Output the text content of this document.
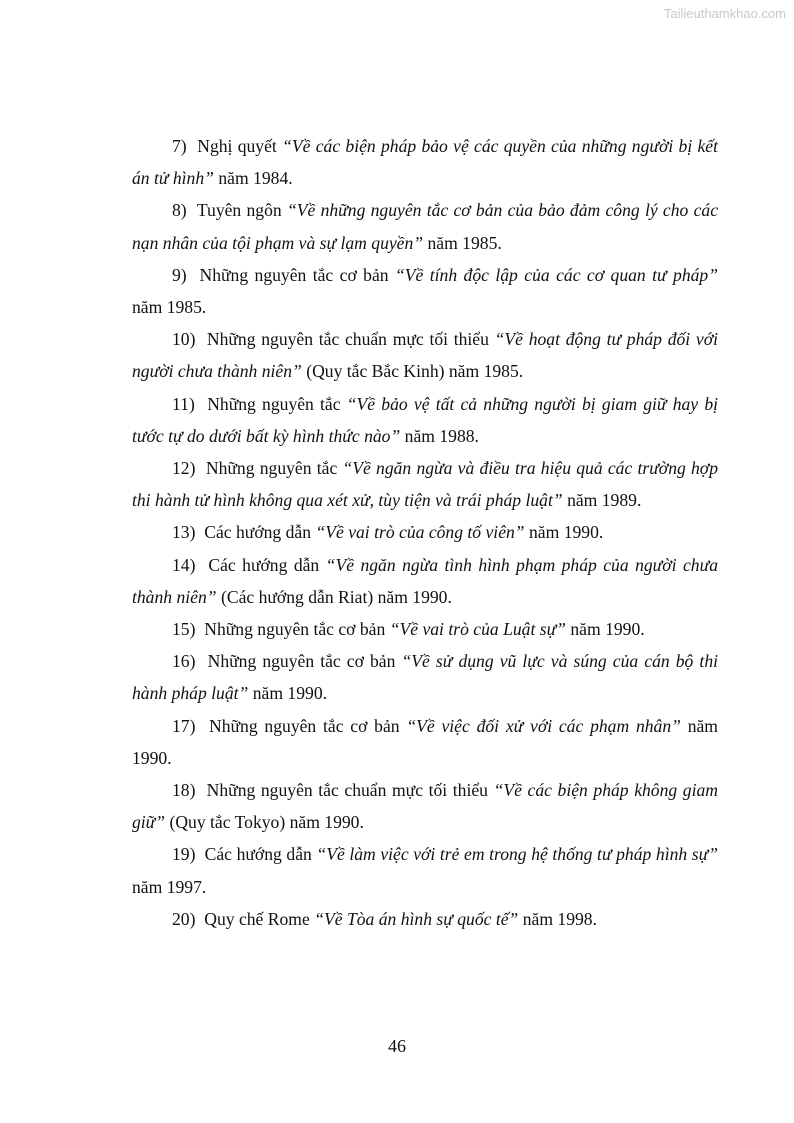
Tailieuthamkhao.com

7) Nghị quyết “Về các biện pháp bảo vệ các quyền của những người bị kết án tử hình” năm 1984.

8) Tuyên ngôn “Về những nguyên tắc cơ bản của bảo đảm công lý cho các nạn nhân của tội phạm và sự lạm quyền” năm 1985.

9) Những nguyên tắc cơ bản “Về tính độc lập của các cơ quan tư pháp” năm 1985.

10) Những nguyên tắc chuẩn mực tối thiểu “Về hoạt động tư pháp đối với người chưa thành niên” (Quy tắc Bắc Kinh) năm 1985.

11) Những nguyên tắc “Về bảo vệ tất cả những người bị giam giữ hay bị tước tự do dưới bất kỳ hình thức nào” năm 1988.

12) Những nguyên tắc “Về ngăn ngừa và điều tra hiệu quả các trường hợp thi hành tử hình không qua xét xử, tùy tiện và trái pháp luật” năm 1989.

13) Các hướng dẫn “Về vai trò của công tố viên” năm 1990.

14) Các hướng dẫn “Về ngăn ngừa tình hình phạm pháp của người chưa thành niên” (Các hướng dẫn Riat) năm 1990.

15) Những nguyên tắc cơ bản “Về vai trò của Luật sự” năm 1990.

16) Những nguyên tắc cơ bản “Về sử dụng vũ lực và súng của cán bộ thi hành pháp luật” năm 1990.

17) Những nguyên tắc cơ bản “Về việc đối xử với các phạm nhân” năm 1990.

18) Những nguyên tắc chuẩn mực tối thiểu “Về các biện pháp không giam giữ” (Quy tắc Tokyo) năm 1990.

19) Các hướng dẫn “Về làm việc với trẻ em trong hệ thống tư pháp hình sự” năm 1997.

20) Quy chế Rome “Về Tòa án hình sự quốc tế” năm 1998.

46
